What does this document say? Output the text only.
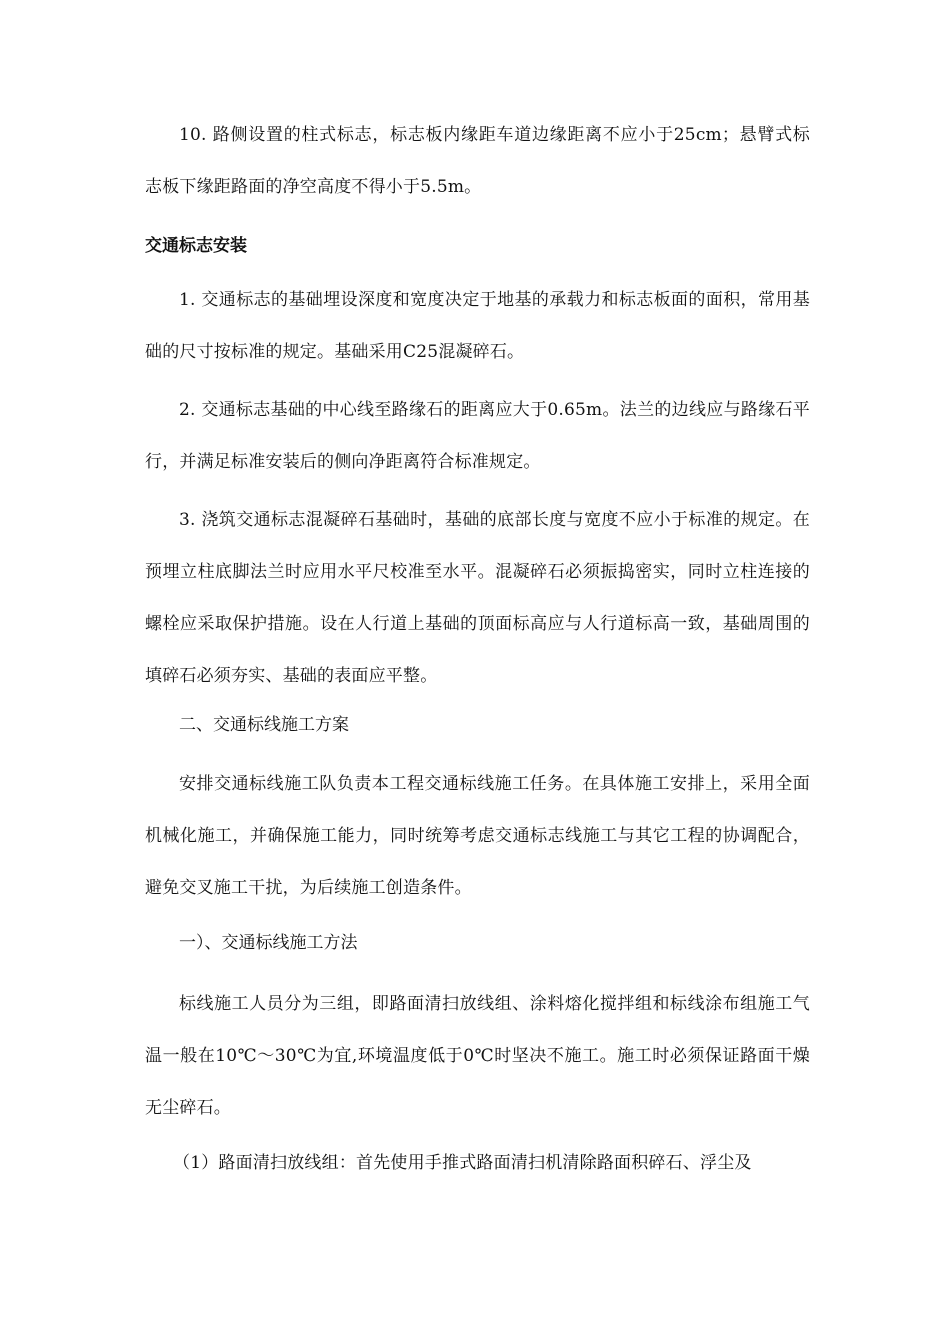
10. 路侧设置的柱式标志，标志板内缘距车道边缘距离不应小于25cm；悬臂式标志板下缘距路面的净空高度不得小于5.5m。

交通标志安装

1. 交通标志的基础埋设深度和宽度决定于地基的承载力和标志板面的面积，常用基础的尺寸按标准的规定。基础采用C25混凝碎石。

2. 交通标志基础的中心线至路缘石的距离应大于0.65m。法兰的边线应与路缘石平行，并满足标准安装后的侧向净距离符合标准规定。

3. 浇筑交通标志混凝碎石基础时，基础的底部长度与宽度不应小于标准的规定。在预埋立柱底脚法兰时应用水平尺校准至水平。混凝碎石必须振捣密实，同时立柱连接的螺栓应采取保护措施。设在人行道上基础的顶面标高应与人行道标高一致，基础周围的填碎石必须夯实、基础的表面应平整。

二、交通标线施工方案

安排交通标线施工队负责本工程交通标线施工任务。在具体施工安排上，采用全面机械化施工，并确保施工能力，同时统筹考虑交通标志线施工与其它工程的协调配合，避免交叉施工干扰，为后续施工创造条件。

一）、交通标线施工方法

标线施工人员分为三组，即路面清扫放线组、涂料熔化搅拌组和标线涂布组施工气温一般在10℃～30℃为宜,环境温度低于0℃时坚决不施工。施工时必须保证路面干燥无尘碎石。

（1）路面清扫放线组：首先使用手推式路面清扫机清除路面积碎石、浮尘及
